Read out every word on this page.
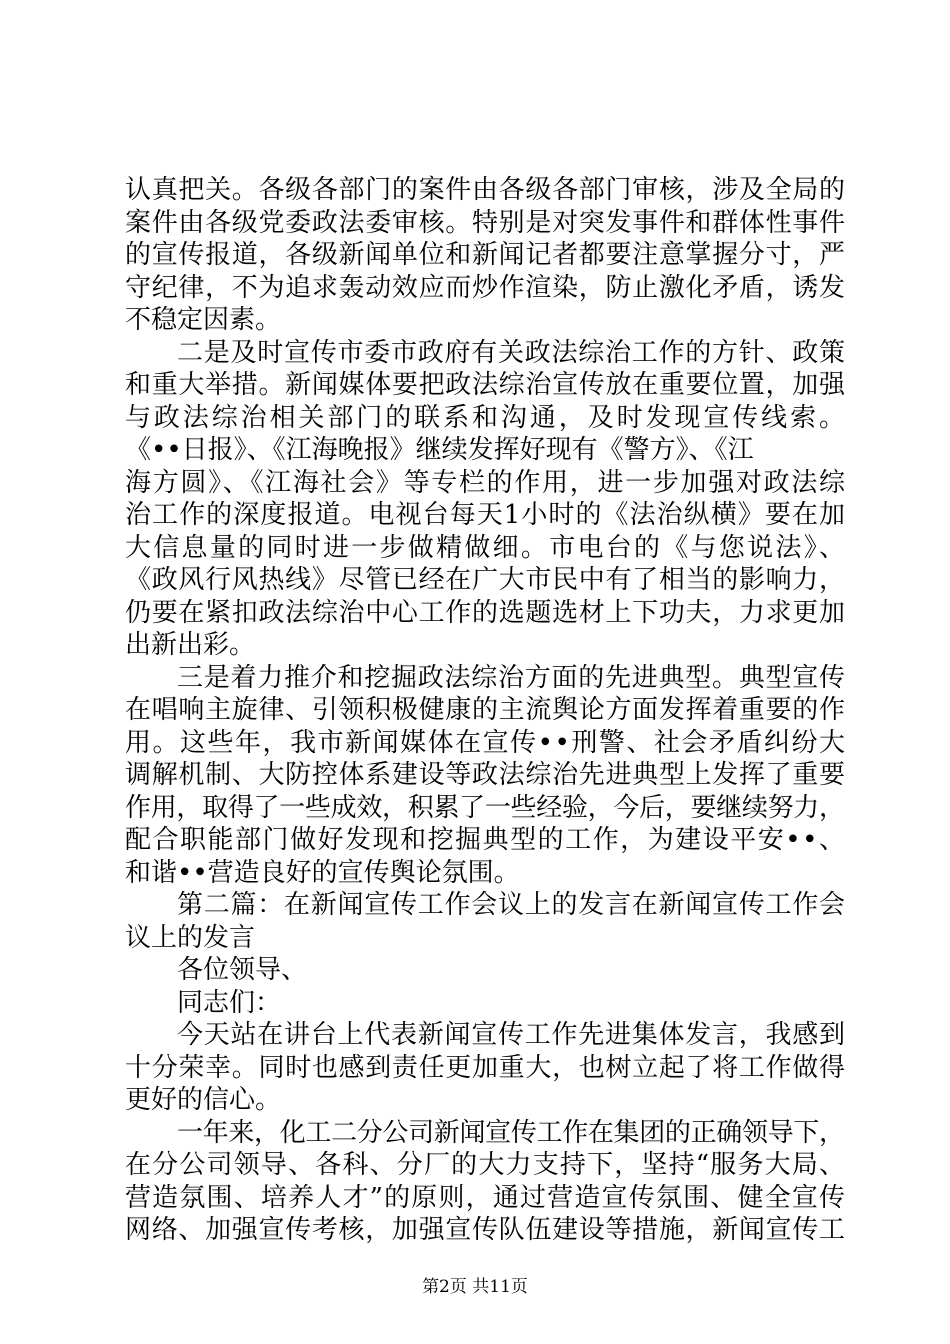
认真把关。各级各部门的案件由各级各部门审核，涉及全局的
案件由各级党委政法委审核。特别是对突发事件和群体性事件
的宣传报道，各级新闻单位和新闻记者都要注意掌握分寸，严
守纪律，不为追求轰动效应而炒作渲染，防止激化矛盾，诱发
不稳定因素。
二是及时宣传市委市政府有关政法综治工作的方针、政策
和重大举措。新闻媒体要把政法综治宣传放在重要位置，加强
与政法综治相关部门的联系和沟通，及时发现宣传线索。
《••日报》、《江海晚报》继续发挥好现有《警方》、《江
海方圆》、《江海社会》等专栏的作用，进一步加强对政法综
治工作的深度报道。电视台每天1小时的《法治纵横》要在加
大信息量的同时进一步做精做细。市电台的《与您说法》、
《政风行风热线》尽管已经在广大市民中有了相当的影响力，
仍要在紧扣政法综治中心工作的选题选材上下功夫，力求更加
出新出彩。
三是着力推介和挖掘政法综治方面的先进典型。典型宣传
在唱响主旋律、引领积极健康的主流舆论方面发挥着重要的作
用。这些年，我市新闻媒体在宣传••刑警、社会矛盾纠纷大
调解机制、大防控体系建设等政法综治先进典型上发挥了重要
作用，取得了一些成效，积累了一些经验，今后，要继续努力，
配合职能部门做好发现和挖掘典型的工作，为建设平安••、
和谐••营造良好的宣传舆论氛围。
第二篇：在新闻宣传工作会议上的发言在新闻宣传工作会
议上的发言
各位领导、
同志们：
今天站在讲台上代表新闻宣传工作先进集体发言，我感到
十分荣幸。同时也感到责任更加重大，也树立起了将工作做得
更好的信心。
一年来，化工二分公司新闻宣传工作在集团的正确领导下，
在分公司领导、各科、分厂的大力支持下，坚持“服务大局、
营造氛围、培养人才”的原则，通过营造宣传氛围、健全宣传
网络、加强宣传考核，加强宣传队伍建设等措施，新闻宣传工
第2页 共11页
